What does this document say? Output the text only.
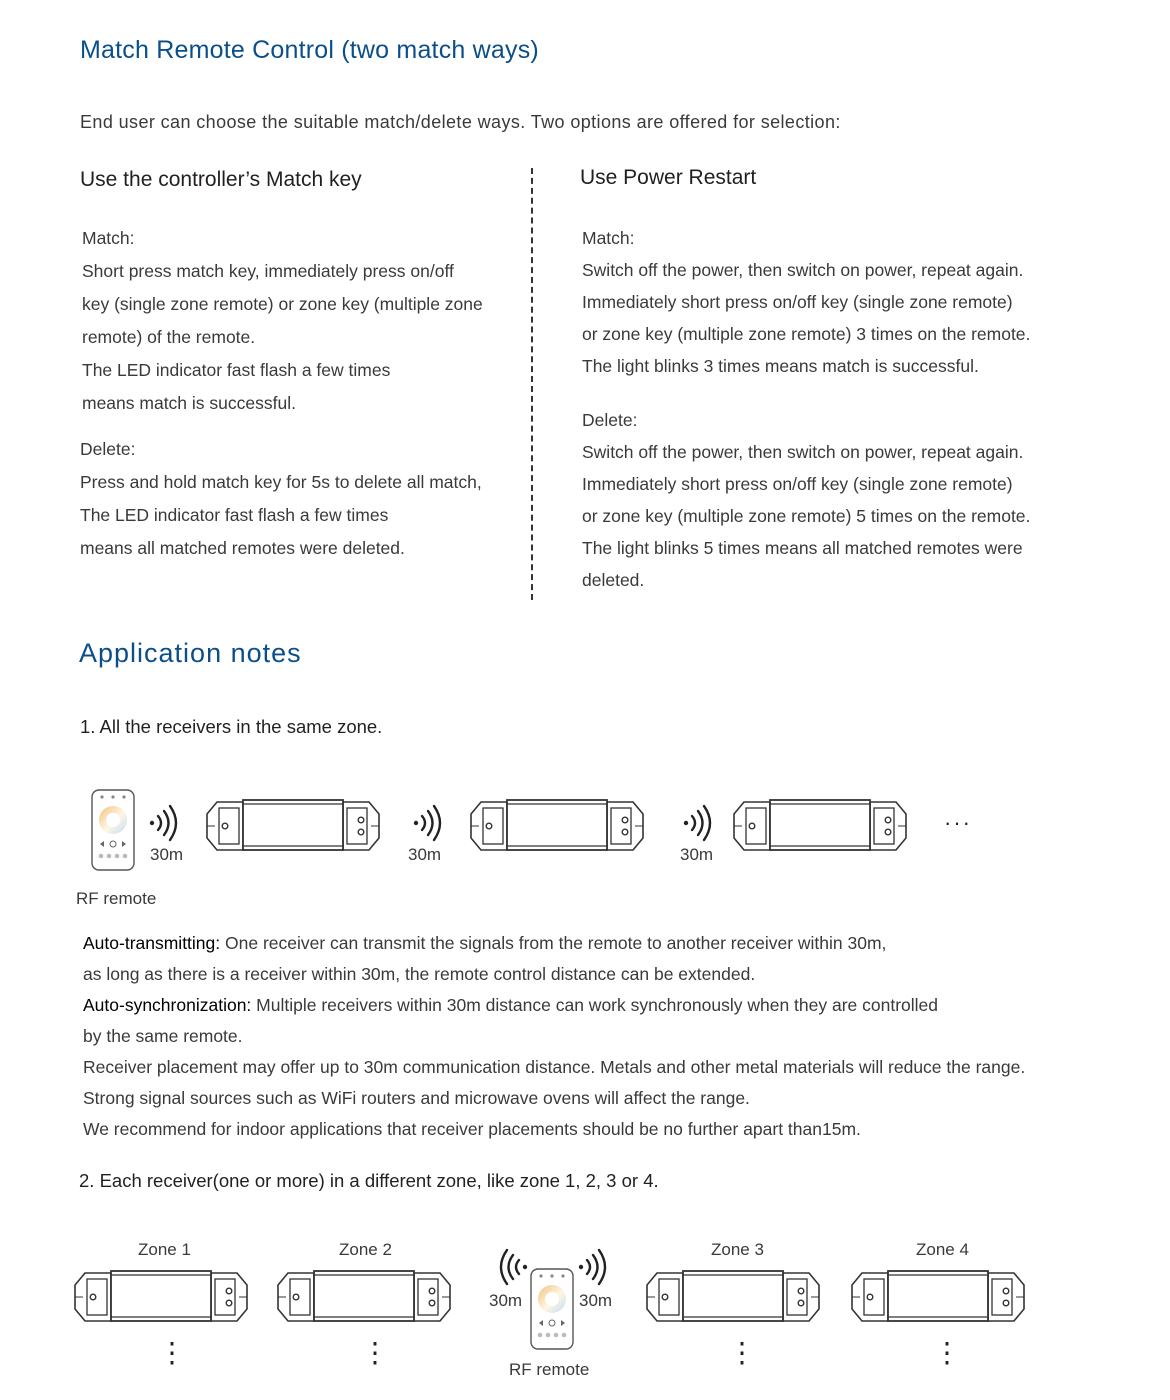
Match Remote Control (two match ways)
End user can choose the suitable match/delete ways. Two options are offered for selection:
Use the controller’s Match key
Match:
Short press match key, immediately press on/off
key (single zone remote) or zone key (multiple zone
remote) of the remote.
The LED indicator fast flash a few times
means match is successful.
Delete:
Press and hold match key for 5s to delete all match,
The LED indicator fast flash a few times
means all matched remotes were deleted.
Use Power Restart
Match:
Switch off the power, then switch on power, repeat again.
Immediately short press on/off key (single zone remote)
or zone key (multiple zone remote) 3 times on the remote.
The light blinks 3 times means match is successful.
Delete:
Switch off the power, then switch on power, repeat again.
Immediately short press on/off key (single zone remote)
or zone key (multiple zone remote) 5 times on the remote.
The light blinks 5 times means all matched remotes were
deleted.
Application notes
1. All the receivers in the same zone.
30m	30m	30m
···
RF remote
Auto-transmitting: One receiver can transmit the signals from the remote to another receiver within 30m,
as long as there is a receiver within 30m, the remote control distance can be extended.
Auto-synchronization: Multiple receivers within 30m distance can work synchronously when they are controlled
by the same remote.
Receiver placement may offer up to 30m communication distance. Metals and other metal materials will reduce the range.
Strong signal sources such as WiFi routers and microwave ovens will affect the range.
We recommend for indoor applications that receiver placements should be no further apart than15m.
2. Each receiver(one or more) in a different zone, like zone 1, 2, 3 or 4.
Zone 1	Zone 2	Zone 3	Zone 4
30m	30m
RF remote
⋮	⋮	⋮	⋮
